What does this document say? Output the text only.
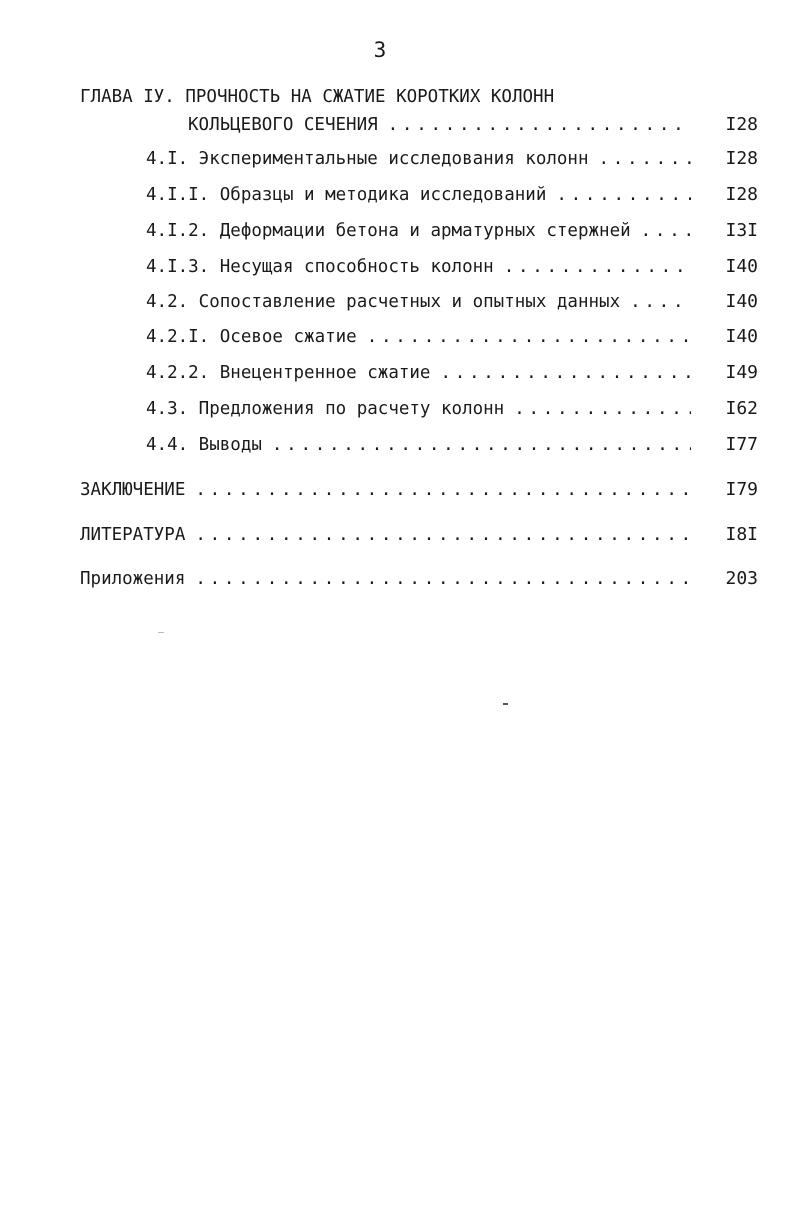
3
ГЛАВА IУ. ПРОЧНОСТЬ НА СЖАТИЕ КОРОТКИХ КОЛОНН
КОЛЬЦЕВОГО СЕЧЕНИЯ . . .	I28
4.I. Экспериментальные исследования колонн . . .	I28
4.I.I. Образцы и методика исследований . . .	I28
4.I.2. Деформации бетона и арматурных стержней . . .	I3I
4.I.3. Несущая способность колонн . . .	I40
4.2. Сопоставление расчетных и опытных данных . . .	I40
4.2.I. Осевое сжатие . . .	I40
4.2.2. Внецентренное сжатие . . .	I49
4.3. Предложения по расчету колонн . . .	I62
4.4. Выводы . . .	I77
ЗАКЛЮЧЕНИЕ . . .	I79
ЛИТЕРАТУРА . . .	I8I
Приложения . . .	203
